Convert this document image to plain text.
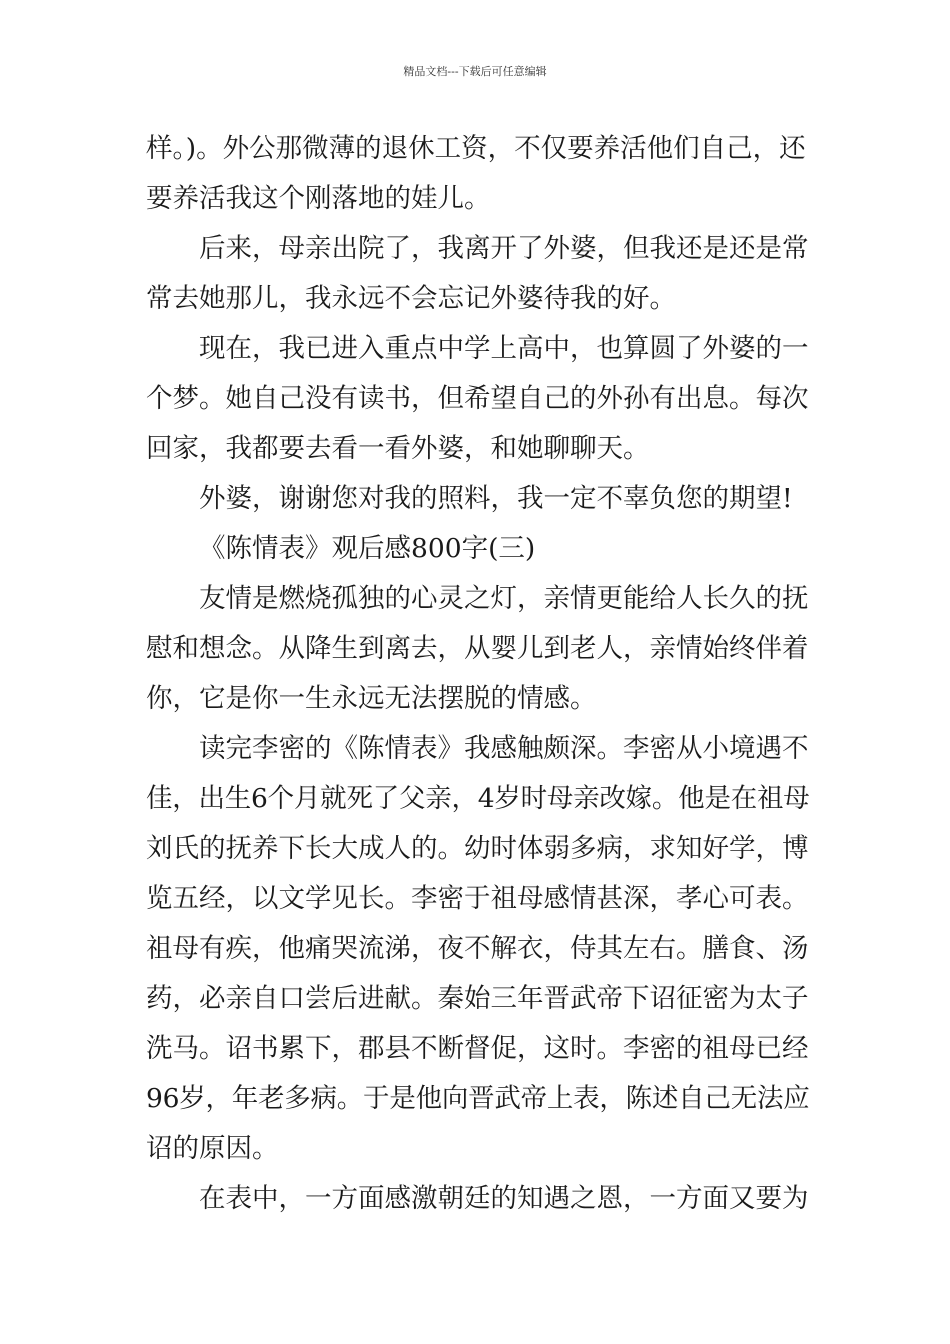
精品文档---下载后可任意编辑

样。)。外公那微薄的退休工资，不仅要养活他们自己，还
要养活我这个刚落地的娃儿。

后来，母亲出院了，我离开了外婆，但我还是还是常
常去她那儿，我永远不会忘记外婆待我的好。

现在，我已进入重点中学上高中，也算圆了外婆的一
个梦。她自己没有读书，但希望自己的外孙有出息。每次
回家，我都要去看一看外婆，和她聊聊天。

外婆，谢谢您对我的照料，我一定不辜负您的期望!

《陈情表》观后感800字(三)

友情是燃烧孤独的心灵之灯，亲情更能给人长久的抚
慰和想念。从降生到离去，从婴儿到老人，亲情始终伴着
你，它是你一生永远无法摆脱的情感。

读完李密的《陈情表》我感触颇深。李密从小境遇不
佳，出生6个月就死了父亲，4岁时母亲改嫁。他是在祖母
刘氏的抚养下长大成人的。幼时体弱多病，求知好学，博
览五经，以文学见长。李密于祖母感情甚深，孝心可表。
祖母有疾，他痛哭流涕，夜不解衣，侍其左右。膳食、汤
药，必亲自口尝后进献。秦始三年晋武帝下诏征密为太子
洗马。诏书累下，郡县不断督促，这时。李密的祖母已经
96岁，年老多病。于是他向晋武帝上表，陈述自己无法应
诏的原因。

在表中，一方面感激朝廷的知遇之恩，一方面又要为
